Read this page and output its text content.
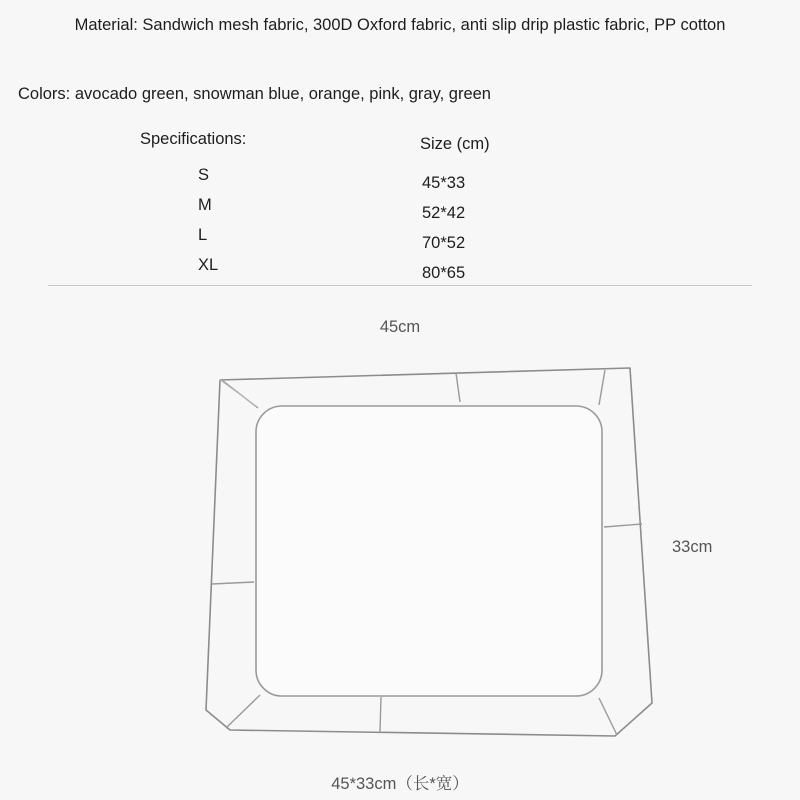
Material: Sandwich mesh fabric, 300D Oxford fabric, anti slip drip plastic fabric, PP cotton
Colors: avocado green, snowman blue, orange, pink, gray, green
Specifications:	Size (cm)
S	45*33
M	52*42
L	70*52
XL	80*65
45cm
33cm
45*33cm（长*宽）
